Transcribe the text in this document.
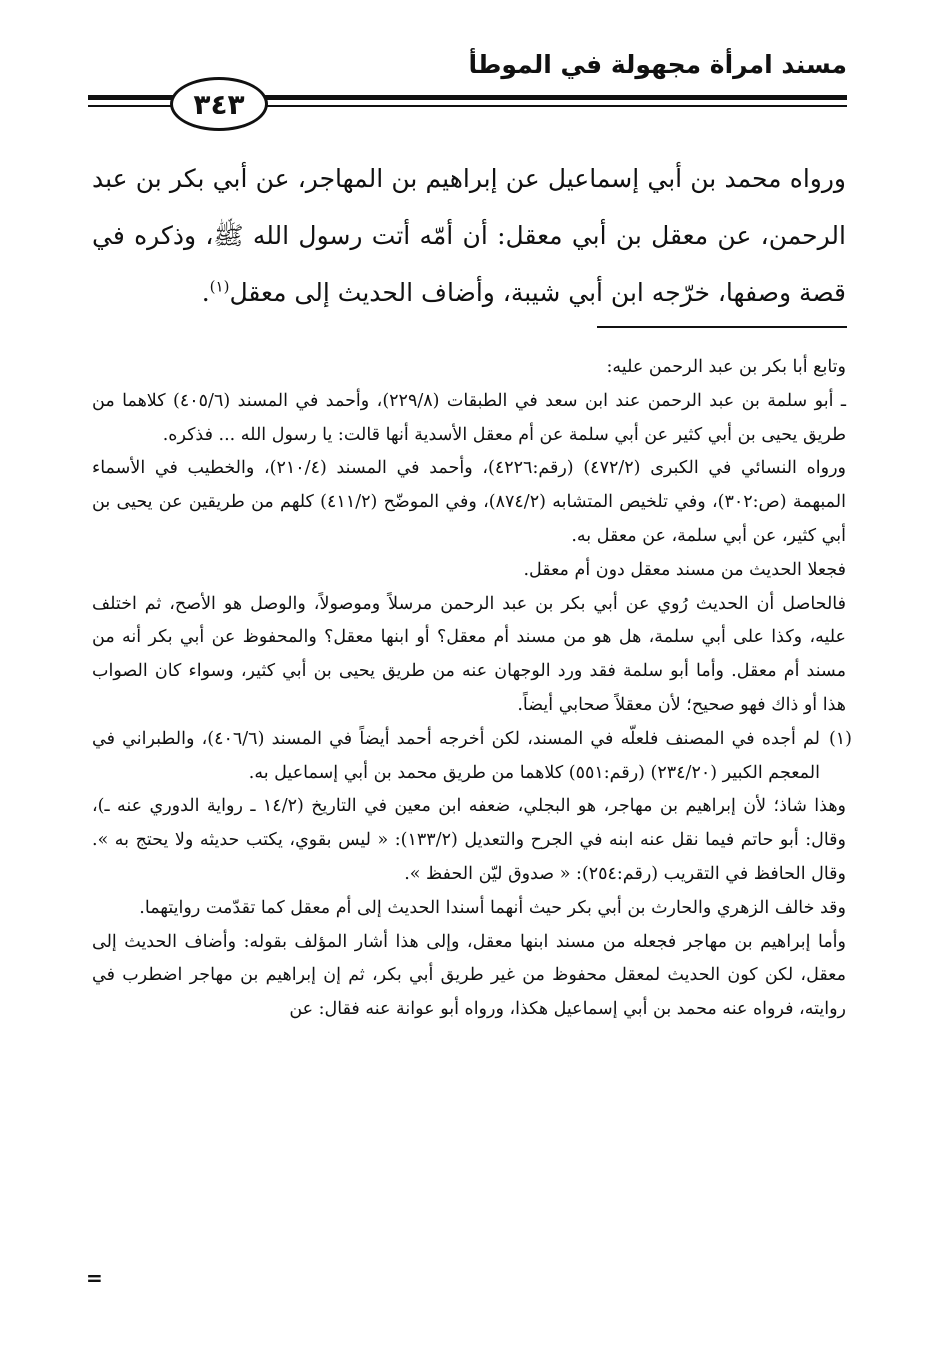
مسند امرأة مجهولة في الموطأ
٣٤٣

ورواه محمد بن أبي إسماعيل عن إبراهيم بن المهاجر، عن أبي بكر بن عبد الرحمن، عن معقل بن أبي معقل: أن أمّه أتت رسول الله ﷺ، وذكره في قصة وصفها، خرّجه ابن أبي شيبة، وأضاف الحديث إلى معقل$^{(١)}$.

وتابع أبا بكر بن عبد الرحمن عليه:

ـ أبو سلمة بن عبد الرحمن عند ابن سعد في الطبقات (٢٢٩/٨)، وأحمد في المسند (٤٠٥/٦) كلاهما من طريق يحيى بن أبي كثير عن أبي سلمة عن أم معقل الأسدية أنها قالت: يا رسول الله ... فذكره.

ورواه النسائي في الكبرى (٤٧٢/٢) (رقم:٤٢٢٦)، وأحمد في المسند (٢١٠/٤)، والخطيب في الأسماء المبهمة (ص:٣٠٢)، وفي تلخيص المتشابه (٨٧٤/٢)، وفي الموضّح (٤١١/٢) كلهم من طريقين عن يحيى بن أبي كثير، عن أبي سلمة، عن معقل به.

فجعلا الحديث من مسند معقل دون أم معقل.

فالحاصل أن الحديث رُوي عن أبي بكر بن عبد الرحمن مرسلاً وموصولاً، والوصل هو الأصح، ثم اختلف عليه، وكذا على أبي سلمة، هل هو من مسند أم معقل؟ أو ابنها معقل؟ والمحفوظ عن أبي بكر أنه من مسند أم معقل. وأما أبو سلمة فقد ورد الوجهان عنه من طريق يحيى بن أبي كثير، وسواء كان الصواب هذا أو ذاك فهو صحيح؛ لأن معقلاً صحابي أيضاً.

(١)
لم أجده في المصنف فلعلّه في المسند، لكن أخرجه أحمد أيضاً في المسند (٤٠٦/٦)، والطبراني في المعجم الكبير (٢٣٤/٢٠) (رقم:٥٥١) كلاهما من طريق محمد بن أبي إسماعيل به.

وهذا شاذ؛ لأن إبراهيم بن مهاجر، هو البجلي، ضعفه ابن معين في التاريخ (١٤/٢ ـ رواية الدوري عنه ـ)، وقال: أبو حاتم فيما نقل عنه ابنه في الجرح والتعديل (١٣٣/٢): « ليس بقوي، يكتب حديثه ولا يحتج به ». وقال الحافظ في التقريب (رقم:٢٥٤): « صدوق ليّن الحفظ ».

وقد خالف الزهري والحارث بن أبي بكر حيث أنهما أسندا الحديث إلى أم معقل كما تقدّمت روايتهما.

وأما إبراهيم بن مهاجر فجعله من مسند ابنها معقل، وإلى هذا أشار المؤلف بقوله: وأضاف الحديث إلى معقل، لكن كون الحديث لمعقل محفوظ من غير طريق أبي بكر، ثم إن إبراهيم بن مهاجر اضطرب في روايته، فرواه عنه محمد بن أبي إسماعيل هكذا، ورواه أبو عوانة عنه فقال: عن

=
